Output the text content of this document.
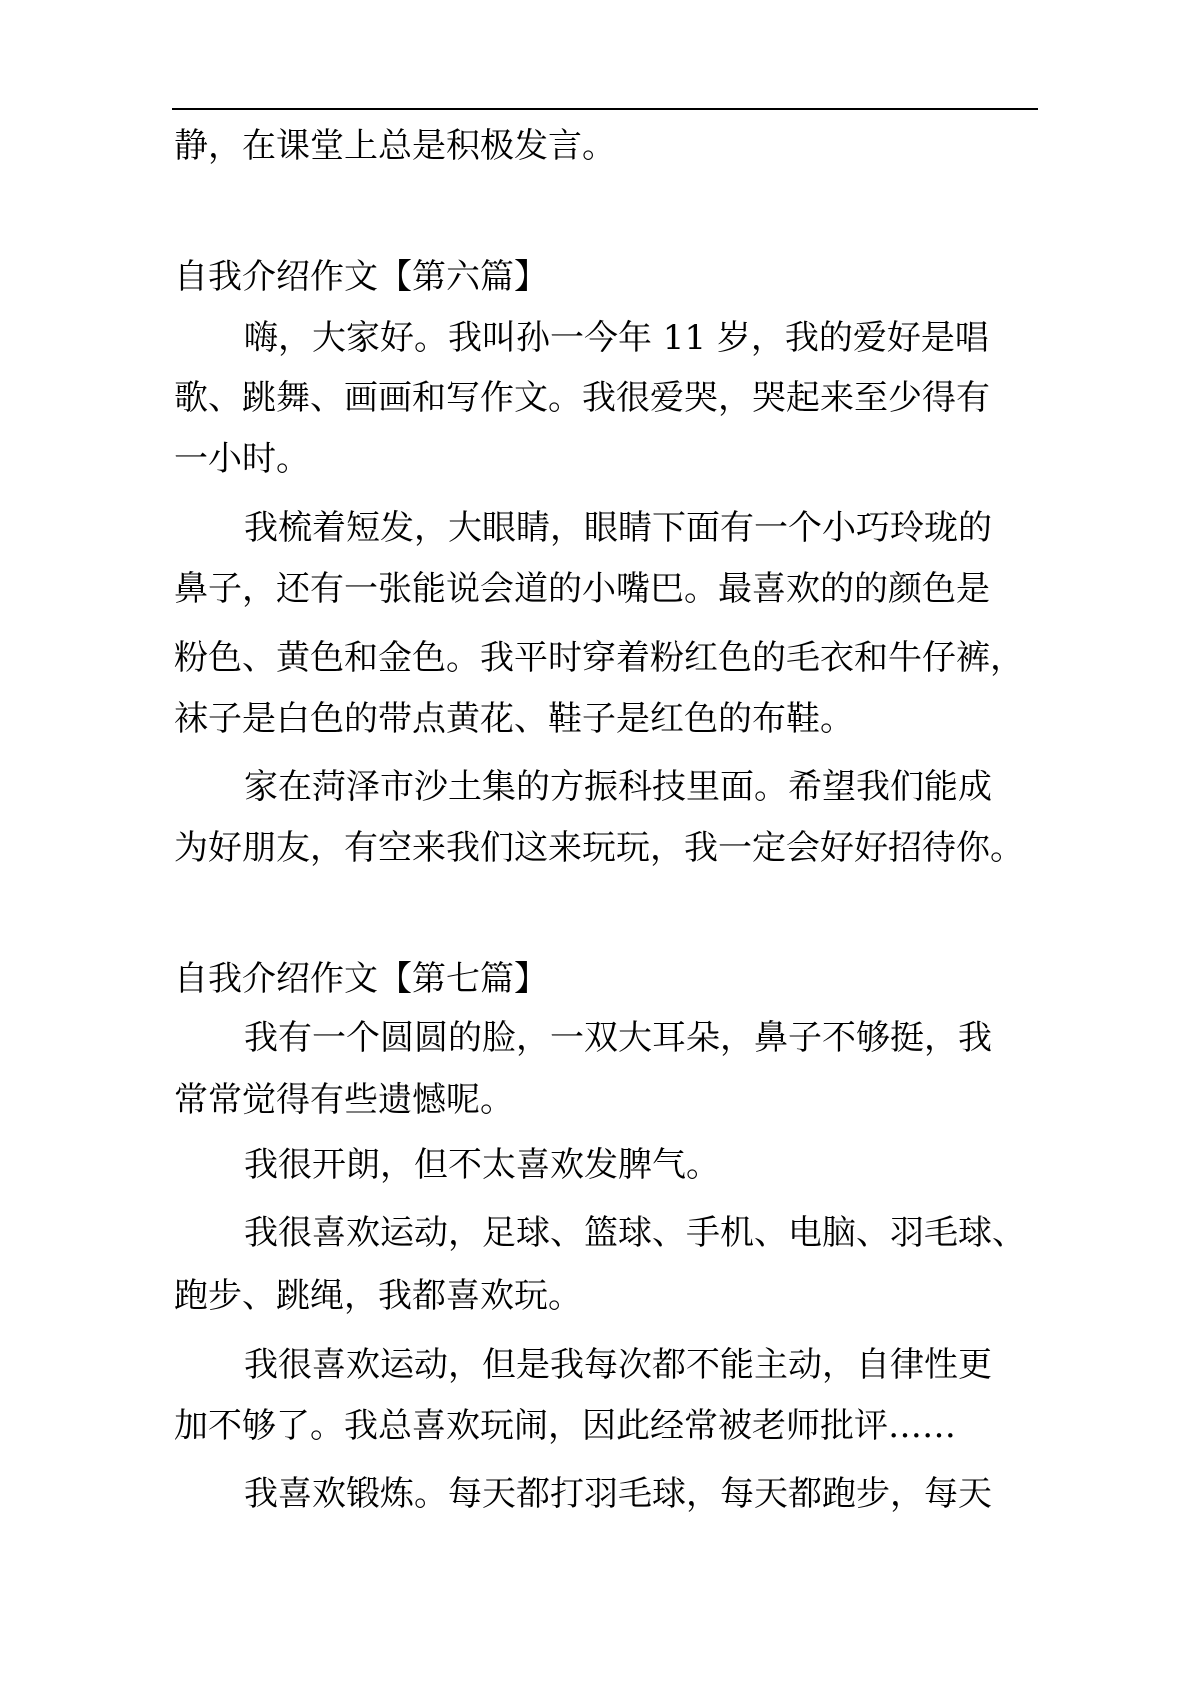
静，在课堂上总是积极发言。
自我介绍作文【第六篇】
嗨，大家好。我叫孙一今年 11 岁，我的爱好是唱
歌、跳舞、画画和写作文。我很爱哭，哭起来至少得有
一小时。
我梳着短发，大眼睛，眼睛下面有一个小巧玲珑的
鼻子，还有一张能说会道的小嘴巴。最喜欢的的颜色是
粉色、黄色和金色。我平时穿着粉红色的毛衣和牛仔裤，
袜子是白色的带点黄花、鞋子是红色的布鞋。
家在菏泽市沙土集的方振科技里面。希望我们能成
为好朋友，有空来我们这来玩玩，我一定会好好招待你。
自我介绍作文【第七篇】
我有一个圆圆的脸，一双大耳朵，鼻子不够挺，我
常常觉得有些遗憾呢。
我很开朗，但不太喜欢发脾气。
我很喜欢运动，足球、篮球、手机、电脑、羽毛球、
跑步、跳绳，我都喜欢玩。
我很喜欢运动，但是我每次都不能主动，自律性更
加不够了。我总喜欢玩闹，因此经常被老师批评……
我喜欢锻炼。每天都打羽毛球，每天都跑步，每天
